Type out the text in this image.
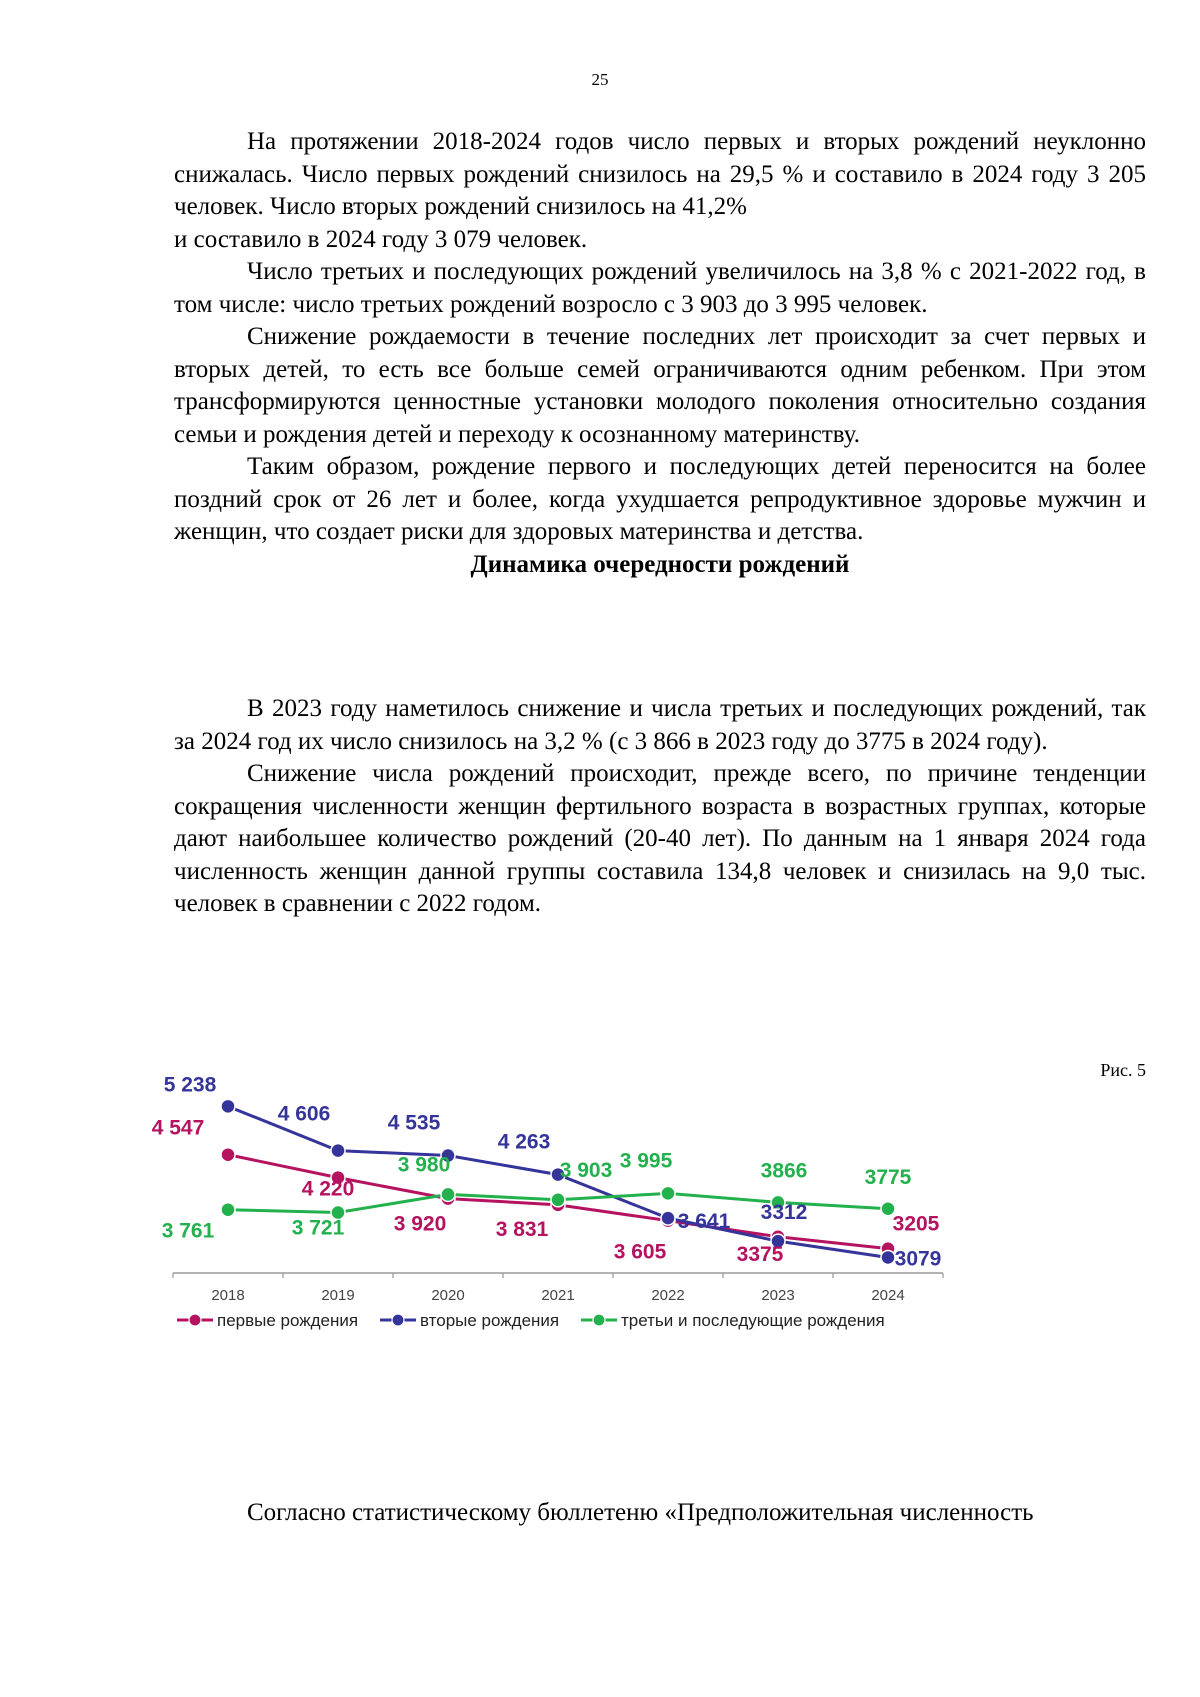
25

На протяжении 2018-2024 годов число первых и вторых рождений неуклонно снижалась. Число первых рождений снизилось на 29,5 % и составило в 2024 году 3 205 человек. Число вторых рождений снизилось на 41,2%

и составило в 2024 году 3 079 человек.

Число третьих и последующих рождений увеличилось на 3,8 % с 2021-2022 год, в том числе: число третьих рождений возросло с 3 903 до 3 995 человек.

Снижение рождаемости в течение последних лет происходит за счет первых и вторых детей, то есть все больше семей ограничиваются одним ребенком. При этом трансформируются ценностные установки молодого поколения относительно создания семьи и рождения детей и переходу к осознанному материнству.

Таким образом, рождение первого и последующих детей переносится на более поздний срок от 26 лет и более, когда ухудшается репродуктивное здоровье мужчин и женщин, что создает риски для здоровых материнства и детства.

Динамика очередности рождений

В 2023 году наметилось снижение и числа третьих и последующих рождений, так за 2024 год их число снизилось на 3,2 % (с 3 866 в 2023 году до 3775 в 2024 году).

Снижение числа рождений происходит, прежде всего, по причине тенденции сокращения численности женщин фертильного возраста в возрастных группах, которые дают наибольшее количество рождений (20-40 лет). По данным на 1 января 2024 года численность женщин данной группы составила 134,8 человек и снизилась на 9,0 тыс. человек в сравнении с 2022 годом.

Рис. 5
2018	2019	2020	2021	2022	2023	2024
4 547
4 220
3 920 3 831
3 605	3375
3205
5 238
4 606	4 535
4 263
3 641 3312
3079
3 761	3 721
3 980	3 903 3 995	3866	3775
первые рождения	вторые рождения	третьи и последующие рождения
Согласно статистическому бюллетеню «Предположительная численность
